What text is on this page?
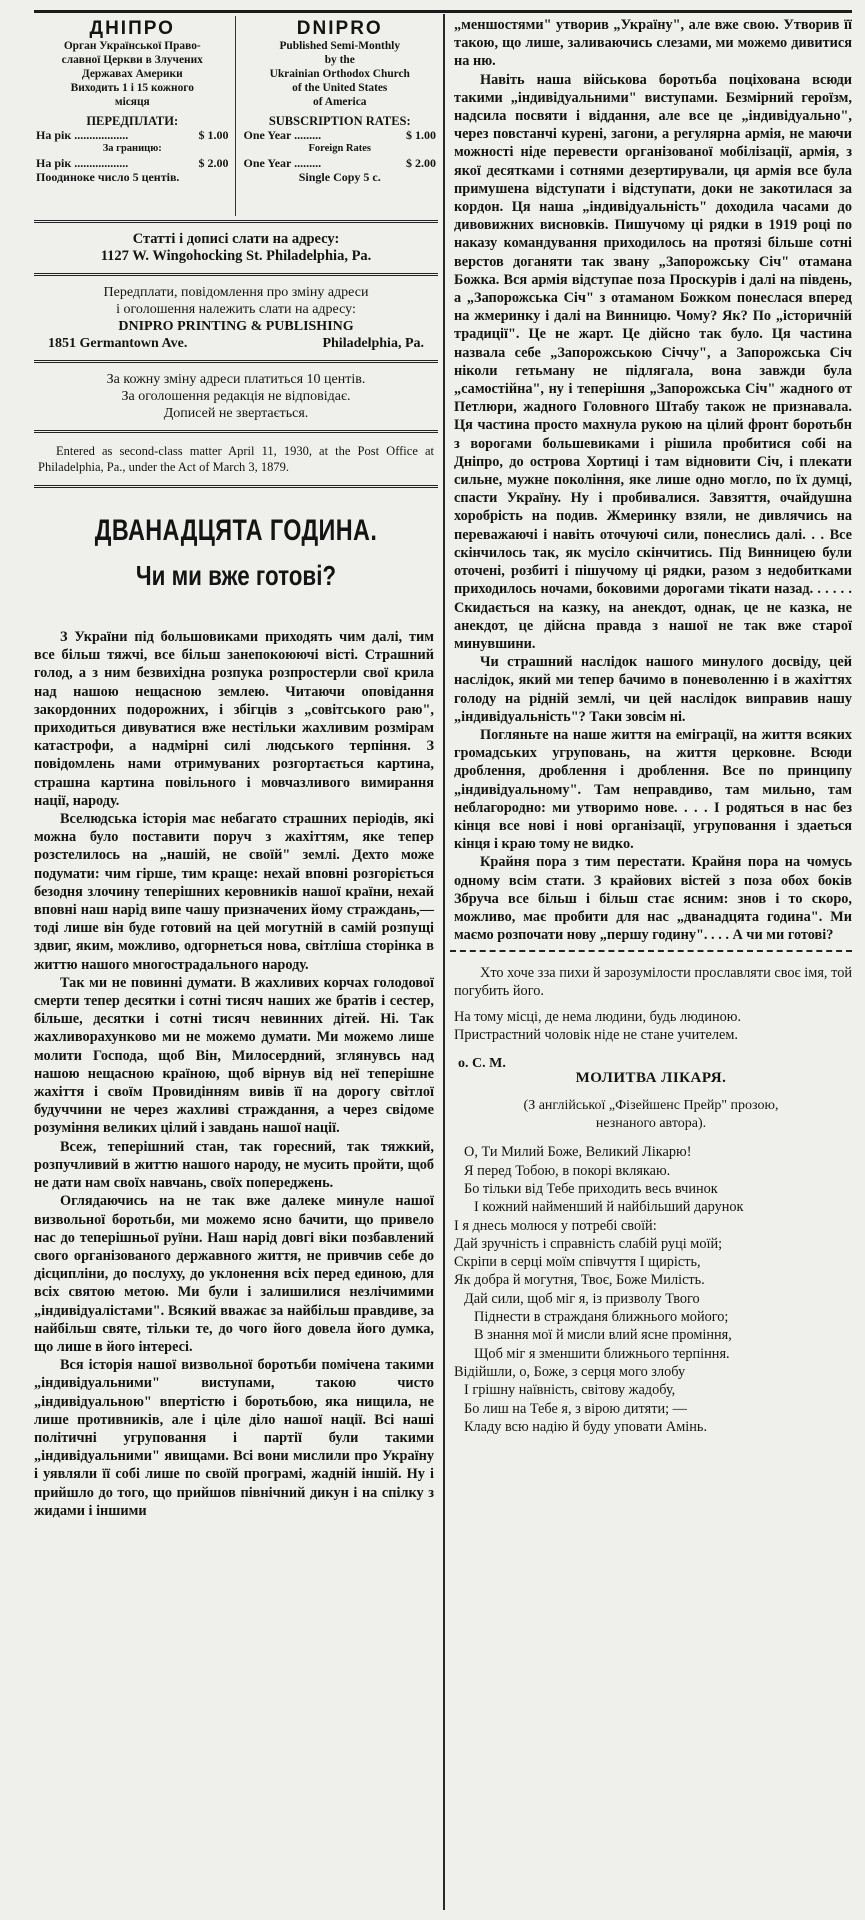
ДНІПРО
Орган Української Право-
славної Церкви в Злучених
Державах Америки
Виходить 1 і 15 кожного
місяця
ПЕРЕДПЛАТИ:
На рік ..................	$ 1.00
За границю:
На рік ..................	$ 2.00
Поодиноке число 5 центів.
DNIPRO
Published Semi-Monthly
by the
Ukrainian Orthodox Church
of the United States
of America
SUBSCRIPTION RATES:
One Year .........	$ 1.00
Foreign Rates
One Year .........	$ 2.00
Single Copy 5 c.
Статті і дописі слати на адресу:
1127 W. Wingohocking St. Philadelphia, Pa.
Передплати, повідомлення про зміну адреси
і оголошення належить слати на адресу:
DNIPRO PRINTING & PUBLISHING
1851 Germantown Ave.	Philadelphia, Pa.
За кожну зміну адреси платиться 10 центів.
За оголошення редакція не відповідає.
Дописей не звертається.
Entered as second-class matter April 11, 1930, at the Post Office at Philadelphia, Pa., under the Act of March 3, 1879.
ДВАНАДЦЯТА ГОДИНА.
Чи ми вже готові?

З України під большовиками приходять чим далі, тим все більш тяжчі, все більш занепокоюючі вісті. Страшний голод, а з ним безвихідна розпука розпростерли свої крила над нашою нещасною землею. Читаючи оповідання закордонних подорожних, і збігців з „совітського раю", приходиться дивуватися вже нестільки жахливим розмірам катастрофи, а надмірні силі людського терпіння. З повідомлень нами отримуваних розгортається картина, страшна картина повільного і мовчазливого вимирання нації, народу.

Вселюдська історія має небагато страшних періодів, які можна було поставити поруч з жахіттям, яке тепер розстелилось на „нашій, не своїй" землі. Дехто може подумати: чим гірше, тим краще: нехай вповні розгоріється безодня злочину теперішних керовників нашої країни, нехай вповні наш нарід випе чашу призначених йому страждань,— тоді лише він буде готовий на цей могутній в самій розпущі здвиг, яким, можливо, одгорнеться нова, світліша сторінка в життю нашого многострадального народу.

Так ми не повинні думати. В жахливих корчах голодової смерти тепер десятки і сотні тисяч наших же братів і сестер, більше, десятки і сотні тисяч невинних дітей. Ні. Так жахливорахунково ми не можемо думати. Ми можемо лише молити Господа, щоб Він, Милосердний, зглянувсь над нашою нещасною країною, щоб вірнув від неї теперішне жахіття і своїм Провидінням вивів її на дорогу світлої будуччини не через жахливі страждання, а через свідоме розуміння великих цілий і завдань нашої нації.

Всеж, теперішний стан, так горесний, так тяжкий, розпучливий в життю нашого народу, не мусить пройти, щоб не дати нам своїх навчань, своїх попереджень.

Оглядаючись на не так вже далеке минуле нашої визвольної боротьби, ми можемо ясно бачити, що привело нас до теперішньої руїни. Наш нарід довгі віки позбавлений свого організованого державного життя, не привчив себе до дісципліни, до послуху, до уклонення всіх перед единою, для всіх святою метою. Ми були і залишилися незлічимими „індивідуалістами". Всякий вважає за найбільш правдиве, за найбільш святе, тільки те, до чого його довела його думка, що лише в його інтересі.

Вся історія нашої визвольної боротьби помічена такими „індивідуальними" виступами, такою чисто „індивідуальною" впертістю і боротьбою, яка нищила, не лише противників, але і ціле діло нашої нації. Всі наші політичні угруповання і партії були такими „індивідуальними" явищами. Всі вони мислили про Україну і уявляли її собі лише по своїй програмі, жадній іншій. Ну і прийшло до того, що прийшов північний дикун і на спілку з жидами і іншими

„меншостями" утворив „Україну", але вже свою. Утворив її такою, що лише, заливаючись слезами, ми можемо дивитися на ню.

Навіть наша військова боротьба поціхована всюди такими „індивідуальними" виступами. Безмірний героїзм, надсила посвяти і віддання, але все це „індивідуально", через повстанчі курені, загони, а регулярна армія, не маючи можності ніде перевести організованої мобілізації, армія, з якої десятками і сотнями дезертирували, ця армія все була примушена відступати і відступати, доки не закотилася за кордон. Ця наша „індивідуальність" доходила часами до дивовижних висновків. Пишучому ці рядки в 1919 році по наказу командування приходилось на протязі більше сотні верстов доганяти так звану „Запорожську Січ" отамана Божка. Вся армія відступае поза Проскурів і далі на південь, а „Запорожська Січ" з отаманом Божком понеслася вперед на жмеринку і далі на Винницю. Чому? Як? По „історичній традиції". Це не жарт. Це дійсно так було. Ця частина назвала себе „Запорожською Січчу", а Запорожська Січ ніколи гетьману не підлягала, вона завжди була „самостійна", ну і теперішня „Запорожська Січ" жадного от Петлюри, жадного Головного Штабу також не признавала. Ця частина просто махнула рукою на цілий фронт боротьбн з ворогами большевиками і рішила пробитися собі на Дніпро, до острова Хортиці і там відновити Січ, і плекати сильне, мужне покоління, яке лише одно могло, по їх думці, спасти Україну. Ну і пробивалися. Завзяття, очайдушна хоробрість на подив. Жмеринку взяли, не дивлячись на переважаючі і навіть оточуючі сили, понеслись далі. . . Все скінчилось так, як мусіло скінчитись. Під Винницею були оточені, розбиті і пішучому ці рядки, разом з недобитками приходилось ночами, боковими дорогами тікати назад. . . . . . Скидається на казку, на анекдот, однак, це не казка, не анекдот, це дійсна правда з нашої не так вже старої минувшини.

Чи страшний наслідок нашого минулого досвіду, цей наслідок, який ми тепер бачимо в поневоленню і в жахіттях голоду на рідній землі, чи цей наслідок виправив нашу „індивідуальність"? Таки зовсім ні.

Погляньте на наше життя на еміграції, на життя всяких громадських угруповань, на життя церковне. Всюди дроблення, дроблення і дроблення. Все по принципу „індивідуальному". Там неправдиво, там мильно, там неблагородно: ми утворимо нове. . . . І родяться в нас без кінця все нові і нові організації, угруповання і здаеться кінця і краю тому не видко.

Крайня пора з тим перестати. Крайня пора на чомусь одному всім стати. З крайових вістей з поза обох боків Збруча все більш і більш стає ясним: знов і то скоро, можливо, має пробити для нас „дванадцята година". Ми маємо розпочати нову „першу годину". . . . А чи ми готові?

Хто хоче зза пихи й зарозумілости прославляти своє імя, той погубить його.

На тому місці, де нема людини, будь людиною.

Пристрастний чоловік ніде не стане учителем.

о. С. М.
МОЛИТВА ЛІКАРЯ.
(З англійської „Фізейшенс Прейр" прозою,
незнаного автора).
О, Ти Милий Боже, Великий Лікарю!
Я перед Тобою, в покорі вклякаю.
Бо тільки від Тебе приходить весь вчинок
І кожний найменший й найбільший дарунок
І я днесь молюся у потребі своїй:
Дай зручність і справність слабій руці моїй;
Скріпи в серці моїм співчуття І щирість,
Як добра й могутня, Твоє, Боже Милість.
Дай сили, щоб міг я, із призволу Твого
Піднести в стражданя ближнього мойого;
В знання мої й мисли влий ясне проміння,
Щоб міг я зменшити ближнього терпіння.
Відійшли, о, Боже, з серця мого злобу
І грішну наївність, світову жадобу,
Бо лиш на Тебе я, з вірою дитяти; —
Кладу всю надію й буду уповати Амінь.
